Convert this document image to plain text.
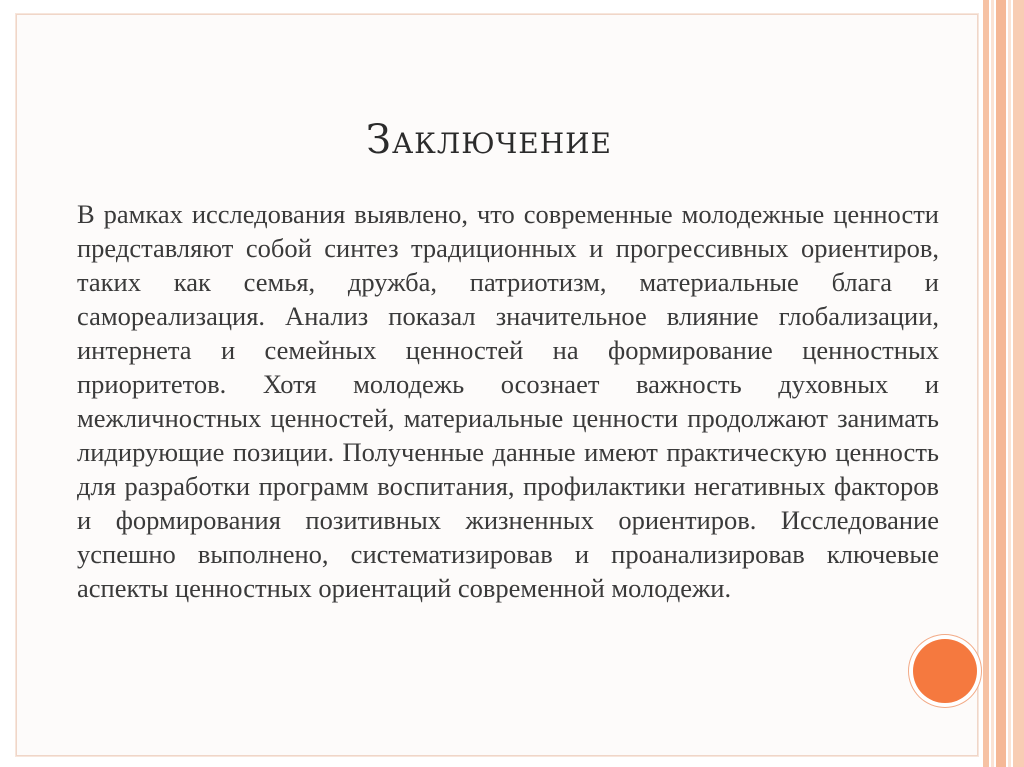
Заключение
В рамках исследования выявлено, что современные молодежные ценности представляют собой синтез традиционных и прогрессивных ориентиров, таких как семья, дружба, патриотизм, материальные блага и самореализация. Анализ показал значительное влияние глобализации, интернета и семейных ценностей на формирование ценностных приоритетов. Хотя молодежь осознает важность духовных и межличностных ценностей, материальные ценности продолжают занимать лидирующие позиции. Полученные данные имеют практическую ценность для разработки программ воспитания, профилактики негативных факторов и формирования позитивных жизненных ориентиров. Исследование успешно выполнено, систематизировав и проанализировав ключевые аспекты ценностных ориентаций современной молодежи.
